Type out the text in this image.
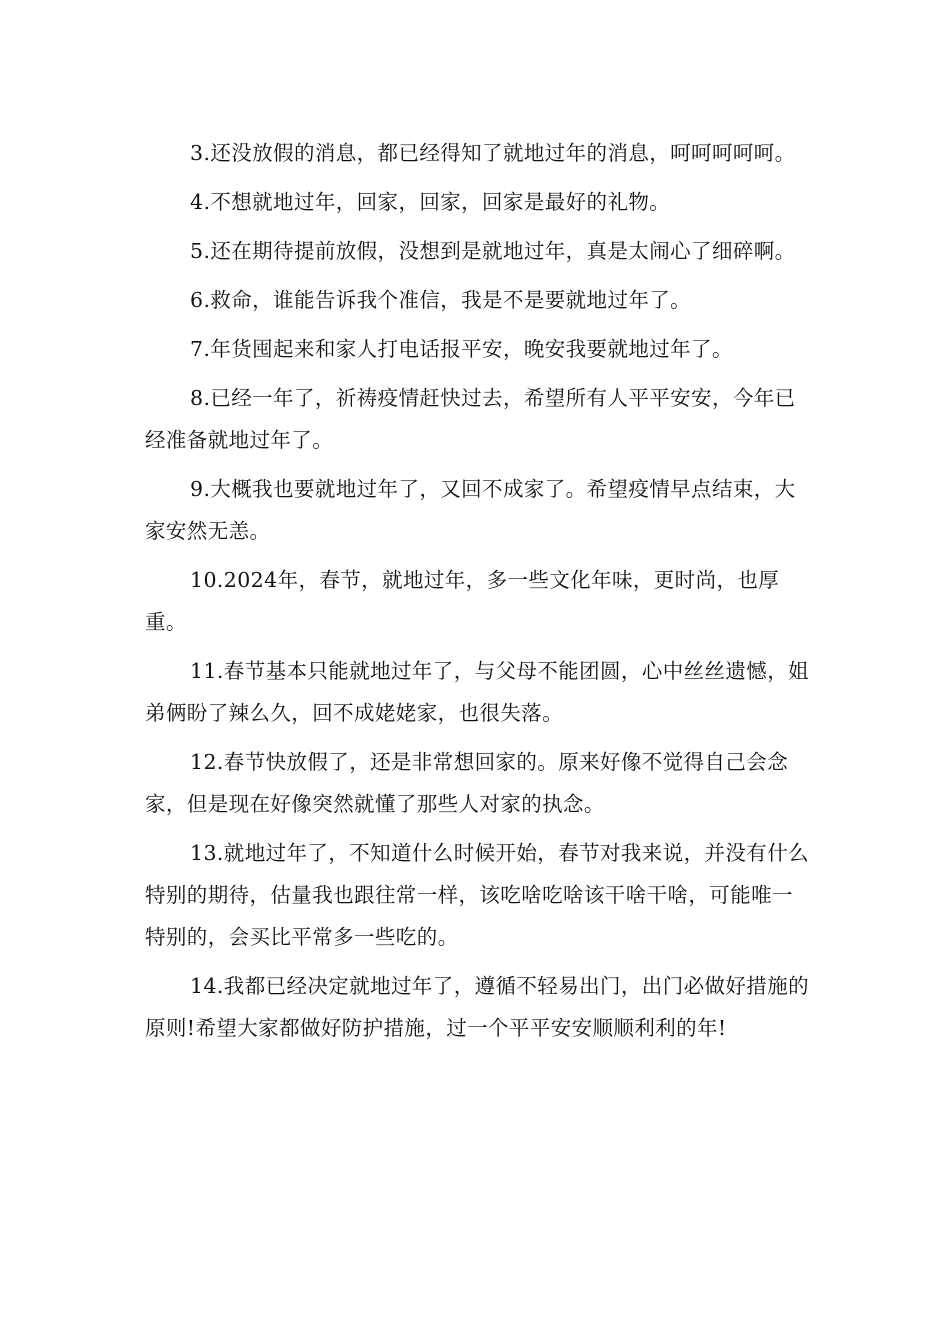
3.还没放假的消息，都已经得知了就地过年的消息，呵呵呵呵呵。

4.不想就地过年，回家，回家，回家是最好的礼物。

5.还在期待提前放假，没想到是就地过年，真是太闹心了细碎啊。

6.救命，谁能告诉我个准信，我是不是要就地过年了。

7.年货囤起来和家人打电话报平安，晚安我要就地过年了。

8.已经一年了，祈祷疫情赶快过去，希望所有人平平安安，今年已经准备就地过年了。

9.大概我也要就地过年了，又回不成家了。希望疫情早点结束，大家安然无恙。

10.2024年，春节，就地过年，多一些文化年味，更时尚，也厚重。

11.春节基本只能就地过年了，与父母不能团圆，心中丝丝遗憾，姐弟俩盼了辣么久，回不成姥姥家，也很失落。

12.春节快放假了，还是非常想回家的。原来好像不觉得自己会念家，但是现在好像突然就懂了那些人对家的执念。

13.就地过年了，不知道什么时候开始，春节对我来说，并没有什么特别的期待，估量我也跟往常一样，该吃啥吃啥该干啥干啥，可能唯一特别的，会买比平常多一些吃的。

14.我都已经决定就地过年了，遵循不轻易出门，出门必做好措施的原则!希望大家都做好防护措施，过一个平平安安顺顺利利的年!
